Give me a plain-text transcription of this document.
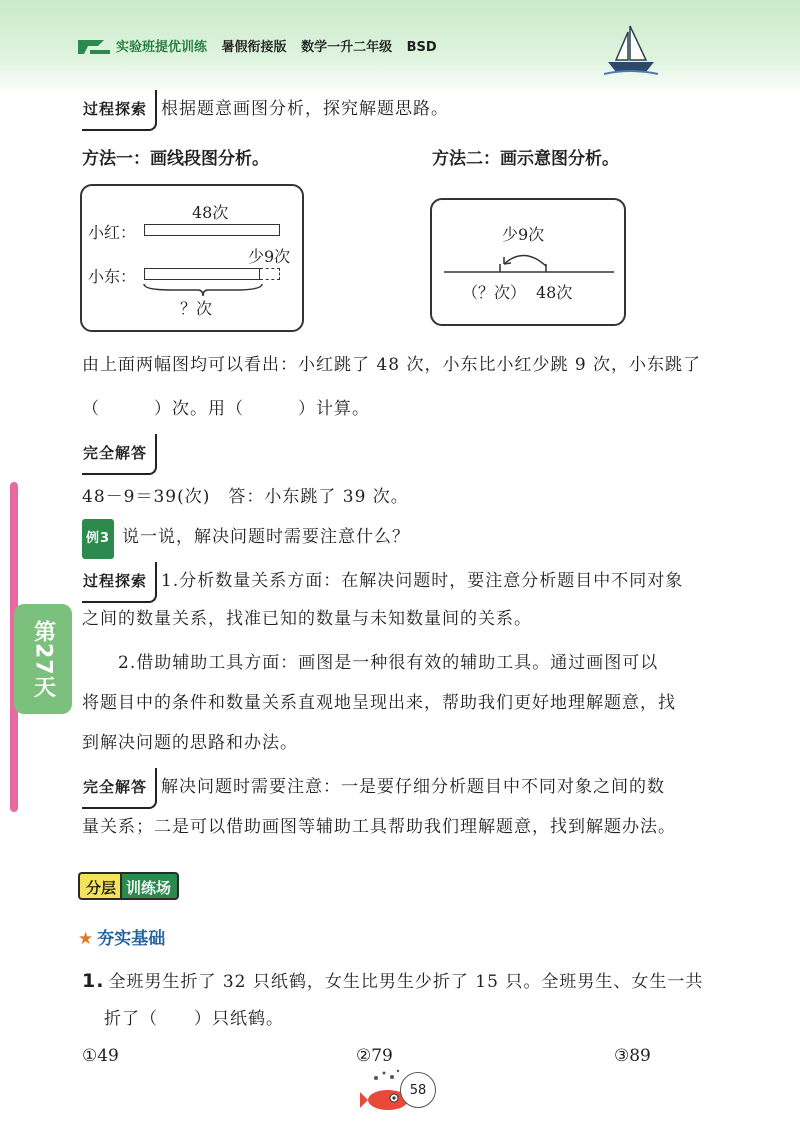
实验班提优训练 暑假衔接版 数学一升二年级 BSD
第27天
过程探索 根据题意画图分析，探究解题思路。
方法一：画线段图分析。	方法二：画示意图分析。
小红：
小东：
48次
少9次
？次
少9次
（？次） 48次
由上面两幅图均可以看出：小红跳了 48 次，小东比小红少跳 9 次，小东跳了
（　　　）次。用（　　　）计算。
完全解答
48－9＝39(次)　答：小东跳了 39 次。
例3 说一说，解决问题时需要注意什么？
过程探索 1.分析数量关系方面：在解决问题时，要注意分析题目中不同对象
之间的数量关系，找准已知的数量与未知数量间的关系。
2.借助辅助工具方面：画图是一种很有效的辅助工具。通过画图可以
将题目中的条件和数量关系直观地呈现出来，帮助我们更好地理解题意，找
到解决问题的思路和办法。
完全解答 解决问题时需要注意：一是要仔细分析题目中不同对象之间的数
量关系；二是可以借助画图等辅助工具帮助我们理解题意，找到解题办法。
分层 训练场
★ 夯实基础
1. 全班男生折了 32 只纸鹤，女生比男生少折了 15 只。全班男生、女生一共
折了（　　）只纸鹤。
①49	②79	③89
58
